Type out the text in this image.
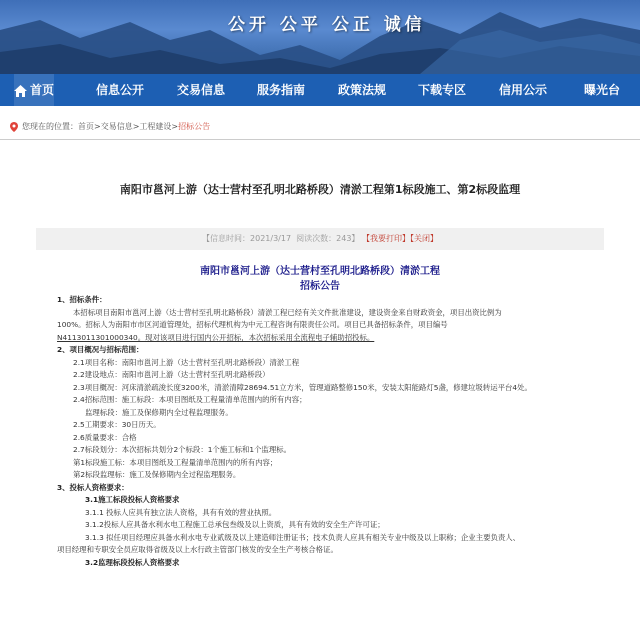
公开 公平 公正 诚信
首页	信息公开	交易信息	服务指南	政策法规	下载专区	信用公示	曝光台
您现在的位置： 首页 > 交易信息 > 工程建设 > 招标公告
南阳市邕河上游（达士营村至孔明北路桥段）清淤工程第1标段施工、第2标段监理
【信息时间：2021/3/17 阅读次数：243】 【我要打印】【关闭】
南阳市邕河上游（达士营村至孔明北路桥段）清淤工程
招标公告

1、招标条件：

本招标项目南阳市邕河上游（达士营村至孔明北路桥段）清淤工程已经有关文件批准建设，建设资金来自财政资金，项目出资比例为

100%。招标人为南阳市市区河道管理处，招标代理机构为中元工程咨询有限责任公司。项目已具备招标条件，项目编号

N4113011301000340。现对该项目进行国内公开招标，本次招标采用全流程电子辅助招投标。

2、项目概况与招标范围：

2.1项目名称：南阳市邕河上游（达士营村至孔明北路桥段）清淤工程

2.2建设地点：南阳市邕河上游（达士营村至孔明北路桥段）

2.3项目概况：河床清淤疏浚长度3200米，清淤清障28694.51立方米，管理道路整修150米，安装太阳能路灯5盏，修建垃圾转运平台4处。

2.4招标范围：施工标段：本项目图纸及工程量清单范围内的所有内容；

监理标段：施工及保修期内全过程监理服务。

2.5工期要求：30日历天。

2.6质量要求：合格

2.7标段划分：本次招标共划分2个标段：1个施工标和1个监理标。

第1标段施工标：本项目图纸及工程量清单范围内的所有内容；

第2标段监理标：施工及保修期内全过程监理服务。

3、投标人资格要求：

3.1施工标段投标人资格要求

3.1.1 投标人应具有独立法人资格，具有有效的营业执照。

3.1.2投标人应具备水利水电工程施工总承包叁级及以上资质，具有有效的安全生产许可证；

3.1.3 拟任项目经理应具备水利水电专业贰级及以上建造师注册证书；技术负责人应具有相关专业中级及以上职称；企业主要负责人、

项目经理和专职安全员应取得省级及以上水行政主管部门核发的安全生产考核合格证。

3.2监理标段投标人资格要求
